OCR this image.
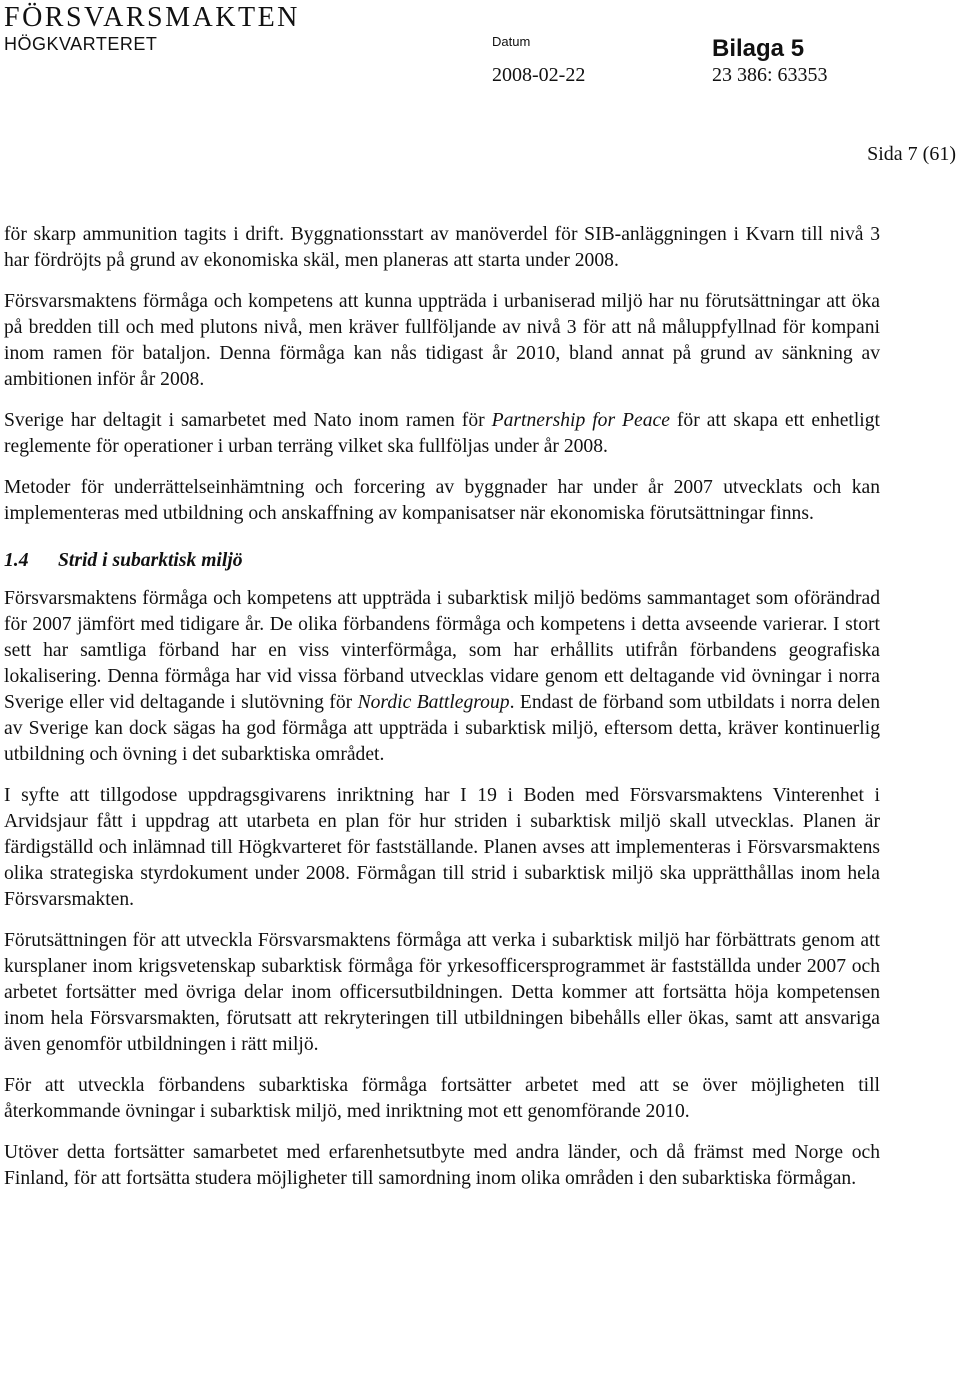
FÖRSVARSMAKTEN
HÖGKVARTERET	Datum	Bilaga 5
2008-02-22	23 386: 63353
Sida 7 (61)

för skarp ammunition tagits i drift. Byggnationsstart av manöverdel för SIB-anläggningen i Kvarn till nivå 3 har fördröjts på grund av ekonomiska skäl, men planeras att starta under 2008.

Försvarsmaktens förmåga och kompetens att kunna uppträda i urbaniserad miljö har nu förutsättningar att öka på bredden till och med plutons nivå, men kräver fullföljande av nivå 3 för att nå måluppfyllnad för kompani inom ramen för bataljon. Denna förmåga kan nås tidigast år 2010, bland annat på grund av sänkning av ambitionen inför år 2008.

Sverige har deltagit i samarbetet med Nato inom ramen för Partnership for Peace för att skapa ett enhetligt reglemente för operationer i urban terräng vilket ska fullföljas under år 2008.

Metoder för underrättelseinhämtning och forcering av byggnader har under år 2007 utvecklats och kan implementeras med utbildning och anskaffning av kompanisatser när ekonomiska förutsättningar finns.

1.4 Strid i subarktisk miljö

Försvarsmaktens förmåga och kompetens att uppträda i subarktisk miljö bedöms sammantaget som oförändrad för 2007 jämfört med tidigare år. De olika förbandens förmåga och kompetens i detta avseende varierar. I stort sett har samtliga förband har en viss vinterförmåga, som har erhållits utifrån förbandens geografiska lokalisering. Denna förmåga har vid vissa förband utvecklas vidare genom ett deltagande vid övningar i norra Sverige eller vid deltagande i slutövning för Nordic Battlegroup. Endast de förband som utbildats i norra delen av Sverige kan dock sägas ha god förmåga att uppträda i subarktisk miljö, eftersom detta, kräver kontinuerlig utbildning och övning i det subarktiska området.

I syfte att tillgodose uppdragsgivarens inriktning har I 19 i Boden med Försvarsmaktens Vinterenhet i Arvidsjaur fått i uppdrag att utarbeta en plan för hur striden i subarktisk miljö skall utvecklas. Planen är färdigställd och inlämnad till Högkvarteret för fastställande. Planen avses att implementeras i Försvarsmaktens olika strategiska styrdokument under 2008. Förmågan till strid i subarktisk miljö ska upprätthållas inom hela Försvarsmakten.

Förutsättningen för att utveckla Försvarsmaktens förmåga att verka i subarktisk miljö har förbättrats genom att kursplaner inom krigsvetenskap subarktisk förmåga för yrkesofficersprogrammet är fastställda under 2007 och arbetet fortsätter med övriga delar inom officersutbildningen. Detta kommer att fortsätta höja kompetensen inom hela Försvarsmakten, förutsatt att rekryteringen till utbildningen bibehålls eller ökas, samt att ansvariga även genomför utbildningen i rätt miljö.

För att utveckla förbandens subarktiska förmåga fortsätter arbetet med att se över möjligheten till återkommande övningar i subarktisk miljö, med inriktning mot ett genomförande 2010.

Utöver detta fortsätter samarbetet med erfarenhetsutbyte med andra länder, och då främst med Norge och Finland, för att fortsätta studera möjligheter till samordning inom olika områden i den subarktiska förmågan.
